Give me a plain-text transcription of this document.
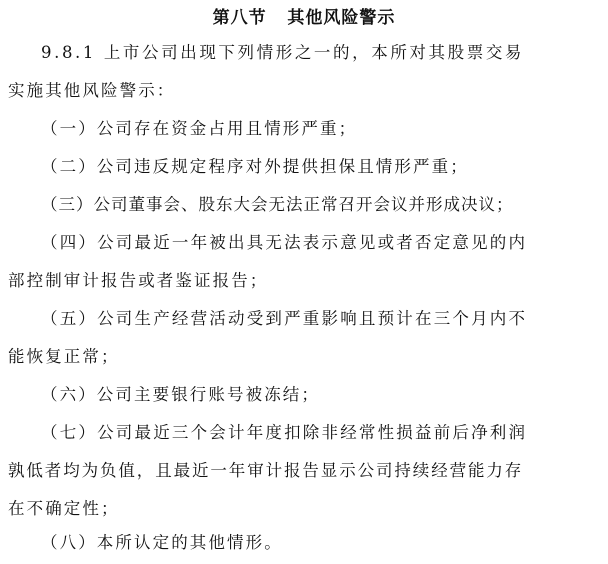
第八节   其他风险警示
9.8.1 上市公司出现下列情形之一的，本所对其股票交易
实施其他风险警示：
（一）公司存在资金占用且情形严重；
（二）公司违反规定程序对外提供担保且情形严重；
（三）公司董事会、股东大会无法正常召开会议并形成决议；
（四）公司最近一年被出具无法表示意见或者否定意见的内
部控制审计报告或者鉴证报告；
（五）公司生产经营活动受到严重影响且预计在三个月内不
能恢复正常；
（六）公司主要银行账号被冻结；
（七）公司最近三个会计年度扣除非经常性损益前后净利润
孰低者均为负值，且最近一年审计报告显示公司持续经营能力存
在不确定性；
（八）本所认定的其他情形。
